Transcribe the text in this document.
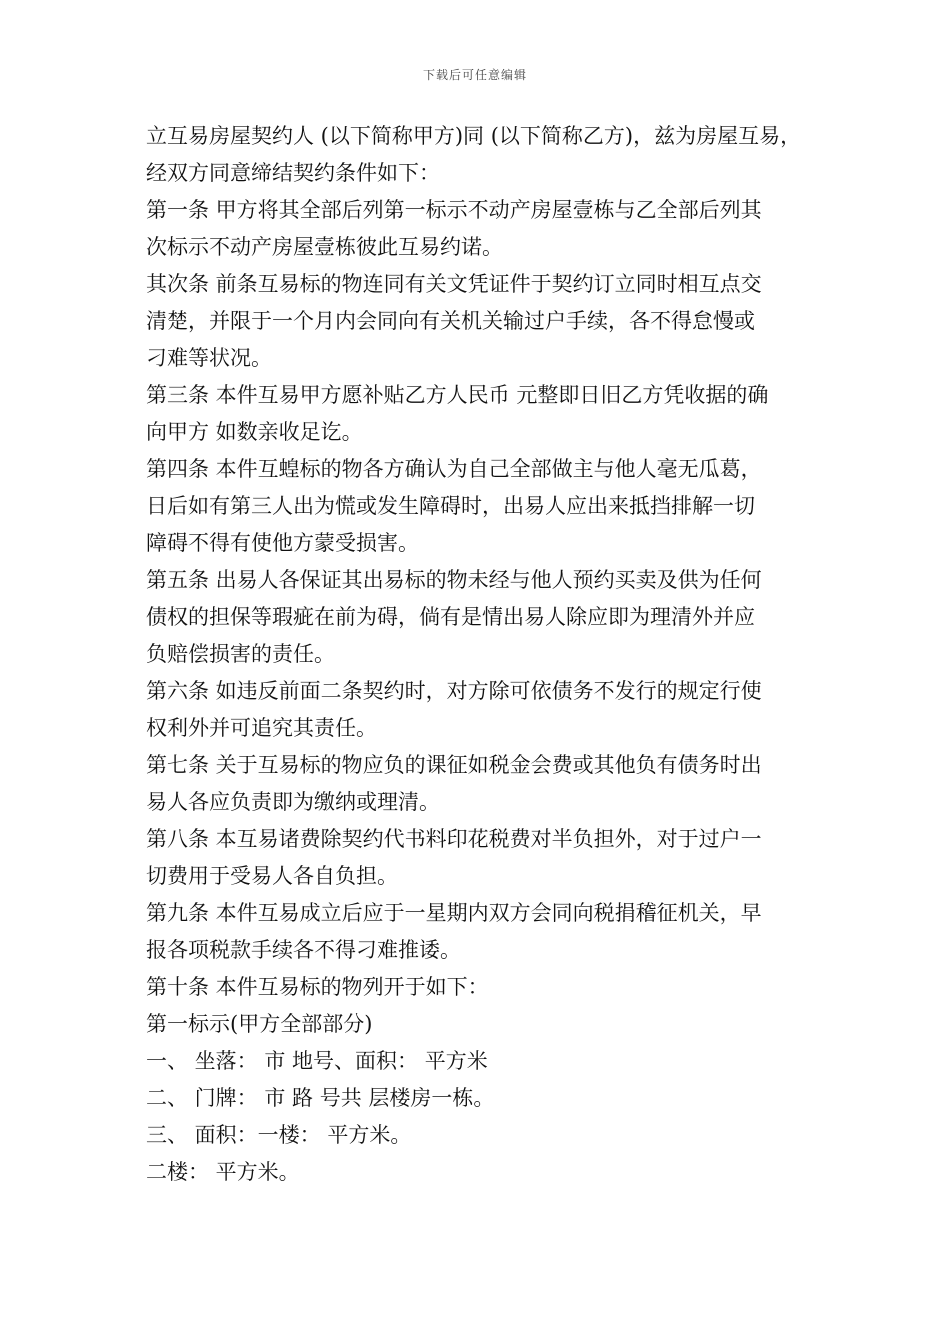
下载后可任意编辑

立互易房屋契约人 (以下简称甲方)同 (以下简称乙方)，兹为房屋互易，

经双方同意缔结契约条件如下：

第一条 甲方将其全部后列第一标示不动产房屋壹栋与乙全部后列其

次标示不动产房屋壹栋彼此互易约诺。

其次条 前条互易标的物连同有关文凭证件于契约订立同时相互点交

清楚，并限于一个月内会同向有关机关输过户手续，各不得怠慢或

刁难等状况。

第三条 本件互易甲方愿补贴乙方人民币 元整即日旧乙方凭收据的确

向甲方 如数亲收足讫。

第四条 本件互蝗标的物各方确认为自己全部做主与他人毫无瓜葛，

日后如有第三人出为慌或发生障碍时，出易人应出来抵挡排解一切

障碍不得有使他方蒙受损害。

第五条 出易人各保证其出易标的物未经与他人预约买卖及供为任何

债权的担保等瑕疵在前为碍，倘有是情出易人除应即为理清外并应

负赔偿损害的责任。

第六条 如违反前面二条契约时，对方除可依债务不发行的规定行使

权利外并可追究其责任。

第七条 关于互易标的物应负的课征如税金会费或其他负有债务时出

易人各应负责即为缴纳或理清。

第八条 本互易诸费除契约代书料印花税费对半负担外，对于过户一

切费用于受易人各自负担。

第九条 本件互易成立后应于一星期内双方会同向税捐稽征机关，早

报各项税款手续各不得刁难推诿。

第十条 本件互易标的物列开于如下：

第一标示(甲方全部部分)

一、 坐落： 市 地号、面积： 平方米

二、 门牌： 市 路 号共 层楼房一栋。

三、 面积：一楼： 平方米。

二楼： 平方米。
